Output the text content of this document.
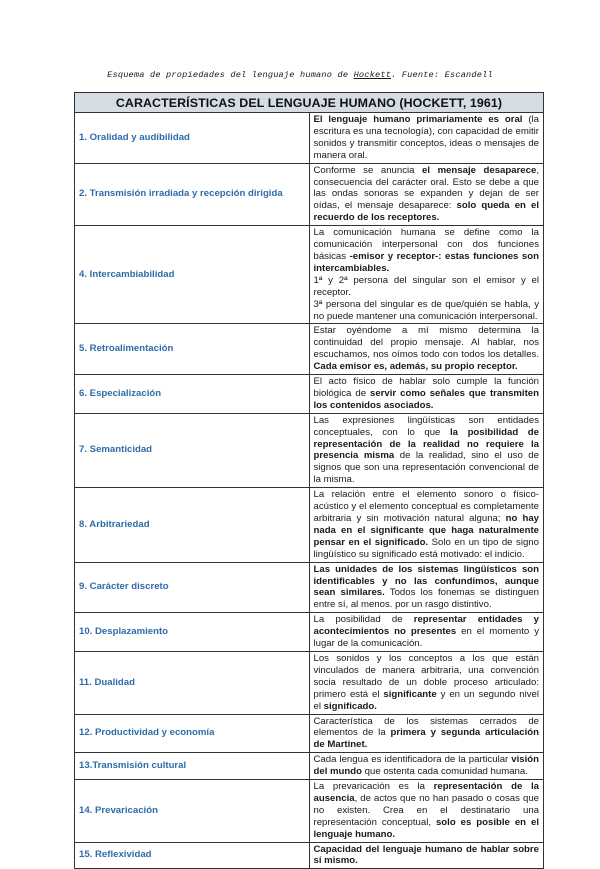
Esquema de propiedades del lenguaje humano de Hockett. Fuente: Escandell
CARACTERÍSTICAS DEL LENGUAJE HUMANO (HOCKETT, 1961)	
1. Oralidad y audibilidad	El lenguaje humano primariamente es oral (la escritura es una tecnología), con capacidad de emitir sonidos y transmitir conceptos, ideas o mensajes de manera oral.
2. Transmisión irradiada y recepción dirigida	Conforme se anuncia el mensaje desaparece, consecuencia del carácter oral. Esto se debe a que las ondas sonoras se expanden y dejan de ser oídas, el mensaje desaparece: solo queda en el recuerdo de los receptores.
4. Intercambiabilidad	La comunicación humana se define como la comunicación interpersonal con dos funciones básicas -emisor y receptor-: estas funciones son intercambiables.

1ª y 2ª persona del singular son el emisor y el receptor.

3ª persona del singular es de que/quién se habla, y no puede mantener una comunicación interpersonal.

5. Retroalimentación	Estar oyéndome a mí mismo determina la continuidad del propio mensaje. Al hablar, nos escuchamos, nos oímos todo con todos los detalles. Cada emisor es, además, su propio receptor.
6. Especialización	El acto físico de hablar solo cumple la función biológica de servir como señales que transmiten los contenidos asociados.
7. Semanticidad	Las expresiones lingüísticas son entidades conceptuales, con lo que la posibilidad de representación de la realidad no requiere la presencia misma de la realidad, sino el uso de signos que son una representación convencional de la misma.
8. Arbitrariedad	La relación entre el elemento sonoro o físico-acústico y el elemento conceptual es completamente arbitraria y sin motivación natural alguna; no hay nada en el significante que haga naturalmente pensar en el significado. Solo en un tipo de signo lingüístico su significado está motivado: el indicio.
9. Carácter discreto	Las unidades de los sistemas lingüísticos son identificables y no las confundimos, aunque sean similares. Todos los fonemas se distinguen entre sí, al menos. por un rasgo distintivo.
10. Desplazamiento	La posibilidad de representar entidades y acontecimientos no presentes en el momento y lugar de la comunicación.
11. Dualidad	Los sonidos y los conceptos a los que están vinculados de manera arbitraria, una convención socia resultado de un doble proceso articulado: primero está el significante y en un segundo nivel el significado.
12. Productividad y economía	Característica de los sistemas cerrados de elementos de la primera y segunda articulación de Martinet.
13.Transmisión cultural	Cada lengua es identificadora de la particular visión del mundo que ostenta cada comunidad humana.
14. Prevaricación	La prevaricación es la representación de la ausencia, de actos que no han pasado o cosas que no existen. Crea en el destinatario una representación conceptual, solo es posible en el lenguaje humano.
15. Reflexividad	Capacidad del lenguaje humano de hablar sobre sí mismo.
